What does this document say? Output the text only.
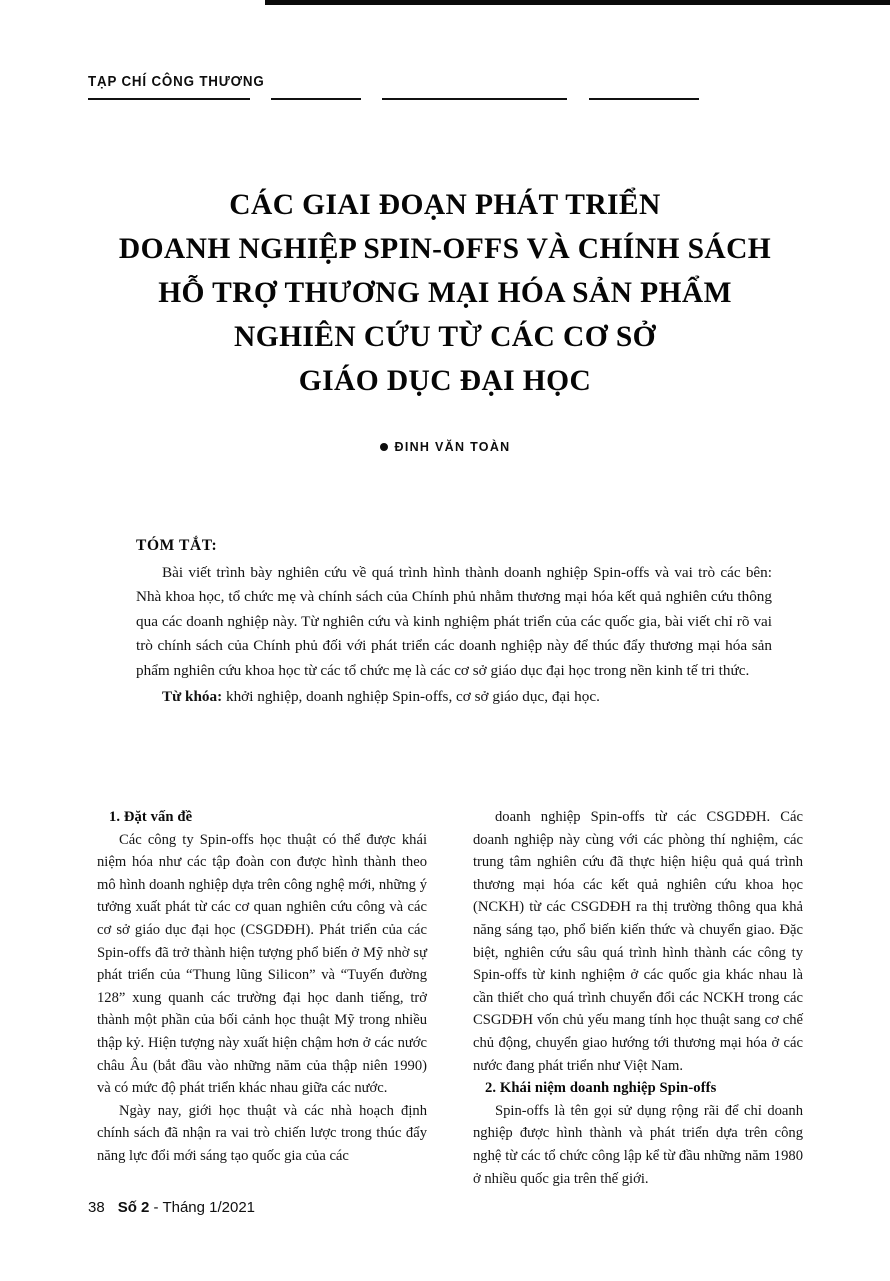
TẠP CHÍ CÔNG THƯƠNG
CÁC GIAI ĐOẠN PHÁT TRIỂN
DOANH NGHIỆP SPIN-OFFS VÀ CHÍNH SÁCH
HỖ TRỢ THƯƠNG MẠI HÓA SẢN PHẨM
NGHIÊN CỨU TỪ CÁC CƠ SỞ
GIÁO DỤC ĐẠI HỌC
ĐINH VĂN TOÀN
TÓM TẮT:

Bài viết trình bày nghiên cứu về quá trình hình thành doanh nghiệp Spin-offs và vai trò các bên: Nhà khoa học, tổ chức mẹ và chính sách của Chính phủ nhằm thương mại hóa kết quả nghiên cứu thông qua các doanh nghiệp này. Từ nghiên cứu và kinh nghiệm phát triển của các quốc gia, bài viết chỉ rõ vai trò chính sách của Chính phủ đối với phát triển các doanh nghiệp này để thúc đẩy thương mại hóa sản phẩm nghiên cứu khoa học từ các tổ chức mẹ là các cơ sở giáo dục đại học trong nền kinh tế tri thức.

Từ khóa: khởi nghiệp, doanh nghiệp Spin-offs, cơ sở giáo dục, đại học.

1. Đặt vấn đề

Các công ty Spin-offs học thuật có thể được khái niệm hóa như các tập đoàn con được hình thành theo mô hình doanh nghiệp dựa trên công nghệ mới, những ý tưởng xuất phát từ các cơ quan nghiên cứu công và các cơ sở giáo dục đại học (CSGDĐH). Phát triển của các Spin-offs đã trở thành hiện tượng phổ biến ở Mỹ nhờ sự phát triển của “Thung lũng Silicon” và “Tuyến đường 128” xung quanh các trường đại học danh tiếng, trở thành một phần của bối cảnh học thuật Mỹ trong nhiều thập kỷ. Hiện tượng này xuất hiện chậm hơn ở các nước châu Âu (bắt đầu vào những năm của thập niên 1990) và có mức độ phát triển khác nhau giữa các nước.

Ngày nay, giới học thuật và các nhà hoạch định chính sách đã nhận ra vai trò chiến lược trong thúc đẩy năng lực đổi mới sáng tạo quốc gia của các

doanh nghiệp Spin-offs từ các CSGDĐH. Các doanh nghiệp này cùng với các phòng thí nghiệm, các trung tâm nghiên cứu đã thực hiện hiệu quả quá trình thương mại hóa các kết quả nghiên cứu khoa học (NCKH) từ các CSGDĐH ra thị trường thông qua khả năng sáng tạo, phổ biến kiến thức và chuyển giao. Đặc biệt, nghiên cứu sâu quá trình hình thành các công ty Spin-offs từ kinh nghiệm ở các quốc gia khác nhau là cần thiết cho quá trình chuyển đổi các NCKH trong các CSGDĐH vốn chủ yếu mang tính học thuật sang cơ chế chủ động, chuyển giao hướng tới thương mại hóa ở các nước đang phát triển như Việt Nam.

2. Khái niệm doanh nghiệp Spin-offs

Spin-offs là tên gọi sử dụng rộng rãi để chỉ doanh nghiệp được hình thành và phát triển dựa trên công nghệ từ các tổ chức công lập kể từ đầu những năm 1980 ở nhiều quốc gia trên thế giới.

38 Số 2 - Tháng 1/2021
